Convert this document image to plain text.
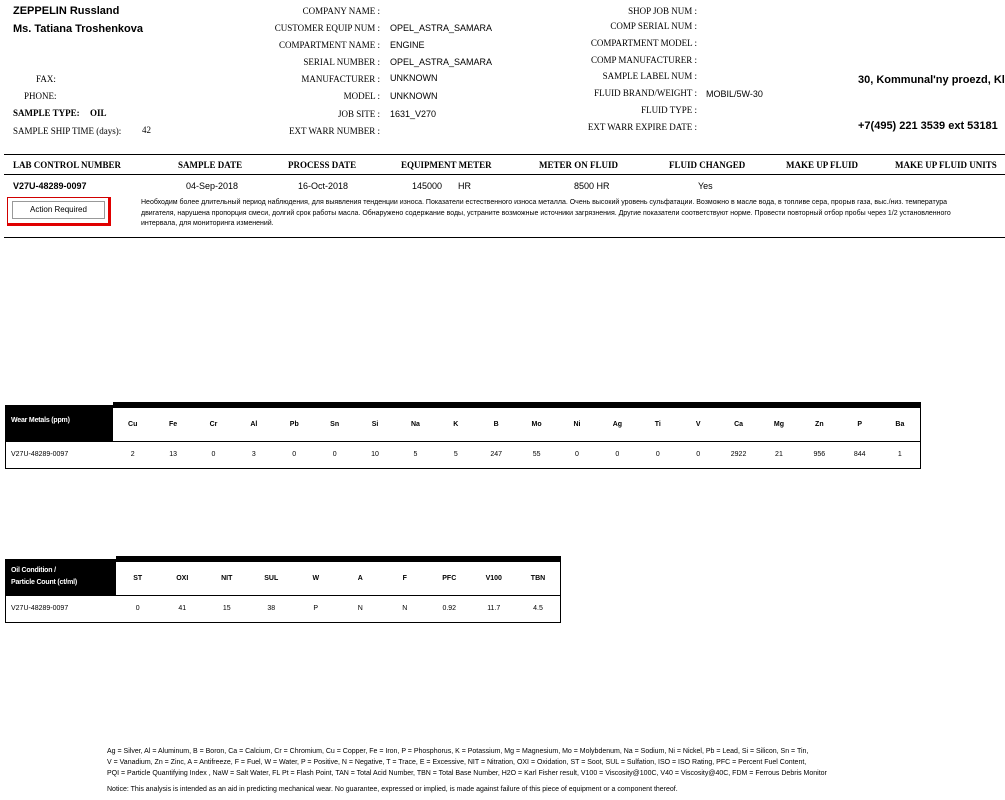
ZEPPELIN Russland
Ms. Tatiana Troshenkova
FAX:
PHONE:
SAMPLE TYPE: OIL
SAMPLE SHIP TIME (days): 42
COMPANY NAME :
CUSTOMER EQUIP NUM : OPEL_ASTRA_SAMARA
COMPARTMENT NAME : ENGINE
SERIAL NUMBER : OPEL_ASTRA_SAMARA
MANUFACTURER : UNKNOWN
MODEL : UNKNOWN
JOB SITE : 1631_V270
EXT WARR NUMBER :
SHOP JOB NUM :
COMP SERIAL NUM :
COMPARTMENT MODEL :
COMP MANUFACTURER :
SAMPLE LABEL NUM :
FLUID BRAND/WEIGHT : MOBIL/5W-30
FLUID TYPE :
EXT WARR EXPIRE DATE :
30, Kommunal'ny proezd, Kl
+7(495) 221 3539 ext 53181
LAB CONTROL NUMBER	SAMPLE DATE	PROCESS DATE	EQUIPMENT METER	METER ON FLUID	FLUID CHANGED	MAKE UP FLUID	MAKE UP FLUID UNITS
V27U-48289-0097	04-Sep-2018	16-Oct-2018	145000 HR	8500 HR	Yes
Action Required
Необходим более длительный период наблюдения, для выявления тенденции износа. Показатели естественного износа металла. Очень высокий уровень сульфатации. Возможно в масле вода, в топливе сера, прорыв газа, выс./низ. температура двигателя, нарушена пропорция смеси, долгий срок работы масла. Обнаружено содержание воды, устраните возможные источники загрязнения. Другие показатели соответствуют норме. Провести повторный отбор пробы через 1/2 установленного интервала, для мониторинга изменений.
Wear Metals (ppm)	Cu	Fe	Cr	Al	Pb	Sn	Si	Na	K	B	Mo	Ni	Ag	Ti	V	Ca	Mg	Zn	P	Ba
V27U-48289-0097	2	13	0	3	0	0	10	5	5	247	55	0	0	0	0	2922	21	956	844	1
Oil Condition /
Particle Count (ct/ml)	ST	OXI	NIT	SUL	W	A	F	PFC	V100	TBN
V27U-48289-0097	0	41	15	38	P	N	N	0.92	11.7	4.5
Ag = Silver, Al = Aluminum, B = Boron, Ca = Calcium, Cr = Chromium, Cu = Copper, Fe = Iron, P = Phosphorus, K = Potassium, Mg = Magnesium, Mo = Molybdenum, Na = Sodium, Ni = Nickel, Pb = Lead, Si = Silicon, Sn = Tin,
V = Vanadium, Zn = Zinc, A = Antifreeze, F = Fuel, W = Water, P = Positive, N = Negative, T = Trace, E = Excessive, NIT = Nitration, OXI = Oxidation, ST = Soot, SUL = Sulfation, ISO = ISO Rating, PFC = Percent Fuel Content,
PQI = Particle Quantifying Index , NaW = Salt Water, FL Pt = Flash Point, TAN = Total Acid Number, TBN = Total Base Number, H2O = Karl Fisher result, V100 = Viscosity@100C, V40 = Viscosity@40C, FDM = Ferrous Debris Monitor
Notice: This analysis is intended as an aid in predicting mechanical wear. No guarantee, expressed or implied, is made against failure of this piece of equipment or a component thereof.
